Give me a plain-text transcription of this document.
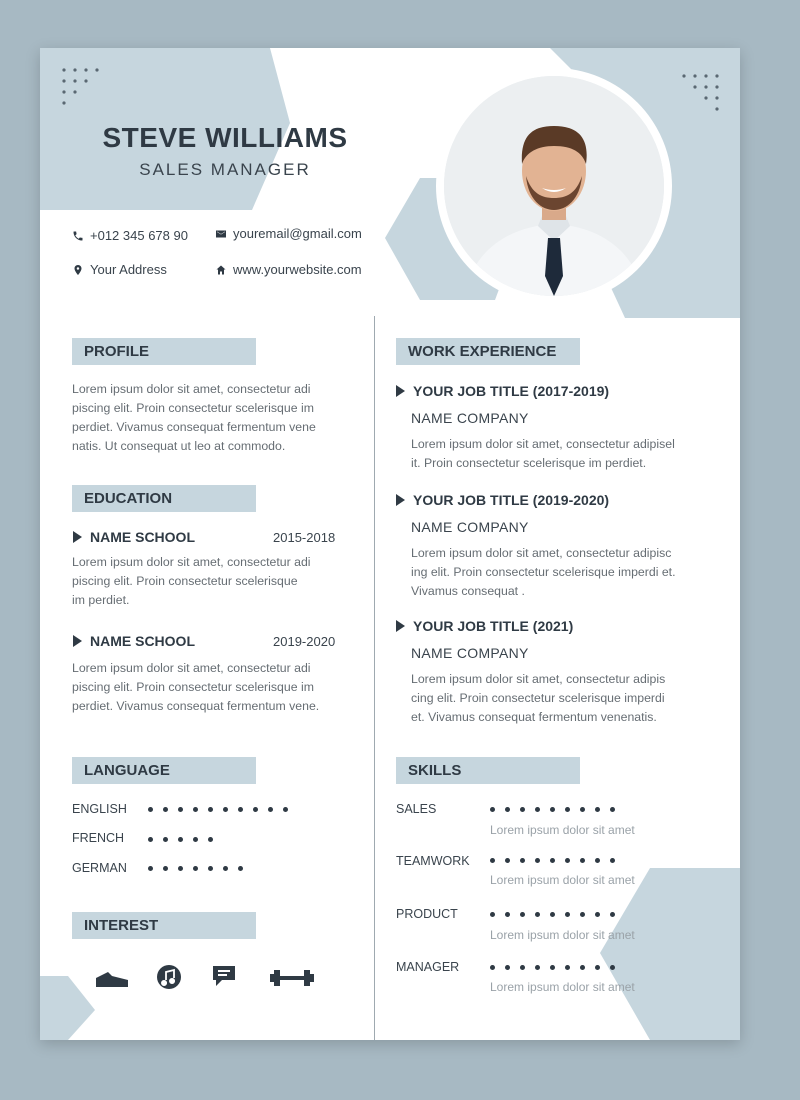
STEVE WILLIAMS
SALES MANAGER
+012 345 678 90	youremail@gmail.com
Your Address	www.yourwebsite.com
PROFILE
Lorem ipsum dolor sit amet, consectetur adi
piscing elit. Proin consectetur scelerisque im
perdiet. Vivamus consequat fermentum vene
natis. Ut consequat ut leo at commodo.
EDUCATION
NAME SCHOOL	2015-2018
Lorem ipsum dolor sit amet, consectetur adi
piscing elit. Proin consectetur scelerisque
im perdiet.
NAME SCHOOL	2019-2020
Lorem ipsum dolor sit amet, consectetur adi
piscing elit. Proin consectetur scelerisque im
perdiet. Vivamus consequat fermentum vene.
LANGUAGE
ENGLISH
FRENCH
GERMAN
INTEREST
WORK EXPERIENCE
YOUR JOB TITLE (2017-2019)
NAME COMPANY
Lorem ipsum dolor sit amet, consectetur adipisel
it. Proin consectetur scelerisque im perdiet.
YOUR JOB TITLE (2019-2020)
NAME COMPANY
Lorem ipsum dolor sit amet, consectetur adipisc
ing elit. Proin consectetur scelerisque imperdi et.
Vivamus consequat .
YOUR JOB TITLE (2021)
NAME COMPANY
Lorem ipsum dolor sit amet, consectetur adipis
cing elit. Proin consectetur scelerisque imperdi
et. Vivamus consequat fermentum venenatis.
SKILLS
SALES
Lorem ipsum dolor sit amet
TEAMWORK
Lorem ipsum dolor sit amet
PRODUCT
Lorem ipsum dolor sit amet
MANAGER
Lorem ipsum dolor sit amet
